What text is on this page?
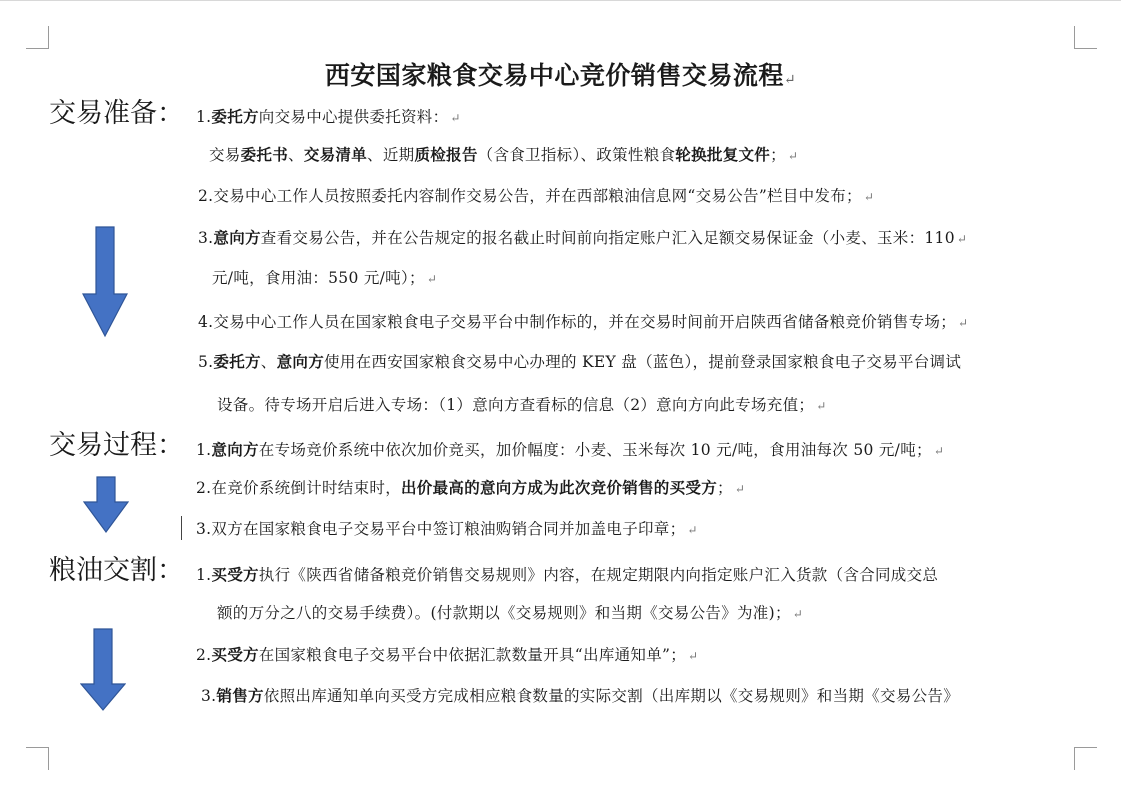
西安国家粮食交易中心竞价销售交易流程↵
交易准备： 1.委托方向交易中心提供委托资料： ↵
交易委托书、交易清单、近期质检报告（含食卫指标）、政策性粮食轮换批复文件； ↵
2.交易中心工作人员按照委托内容制作交易公告，并在西部粮油信息网“交易公告”栏目中发布； ↵
3.意向方查看交易公告，并在公告规定的报名截止时间前向指定账户汇入足额交易保证金（小麦、玉米：110 ↵
元/吨，食用油：550 元/吨）； ↵
4.交易中心工作人员在国家粮食电子交易平台中制作标的，并在交易时间前开启陕西省储备粮竞价销售专场； ↵
5.委托方、意向方使用在西安国家粮食交易中心办理的 KEY 盘（蓝色），提前登录国家粮食电子交易平台调试
设备。待专场开启后进入专场：（1）意向方查看标的信息（2）意向方向此专场充值； ↵
交易过程： 1.意向方在专场竞价系统中依次加价竞买，加价幅度：小麦、玉米每次 10 元/吨，食用油每次 50 元/吨； ↵
2.在竞价系统倒计时结束时，出价最高的意向方成为此次竞价销售的买受方； ↵
3.双方在国家粮食电子交易平台中签订粮油购销合同并加盖电子印章； ↵
粮油交割： 1.买受方执行《陕西省储备粮竞价销售交易规则》内容，在规定期限内向指定账户汇入货款（含合同成交总
额的万分之八的交易手续费）。(付款期以《交易规则》和当期《交易公告》为准)； ↵
2.买受方在国家粮食电子交易平台中依据汇款数量开具“出库通知单”； ↵
3.销售方依照出库通知单向买受方完成相应粮食数量的实际交割（出库期以《交易规则》和当期《交易公告》
